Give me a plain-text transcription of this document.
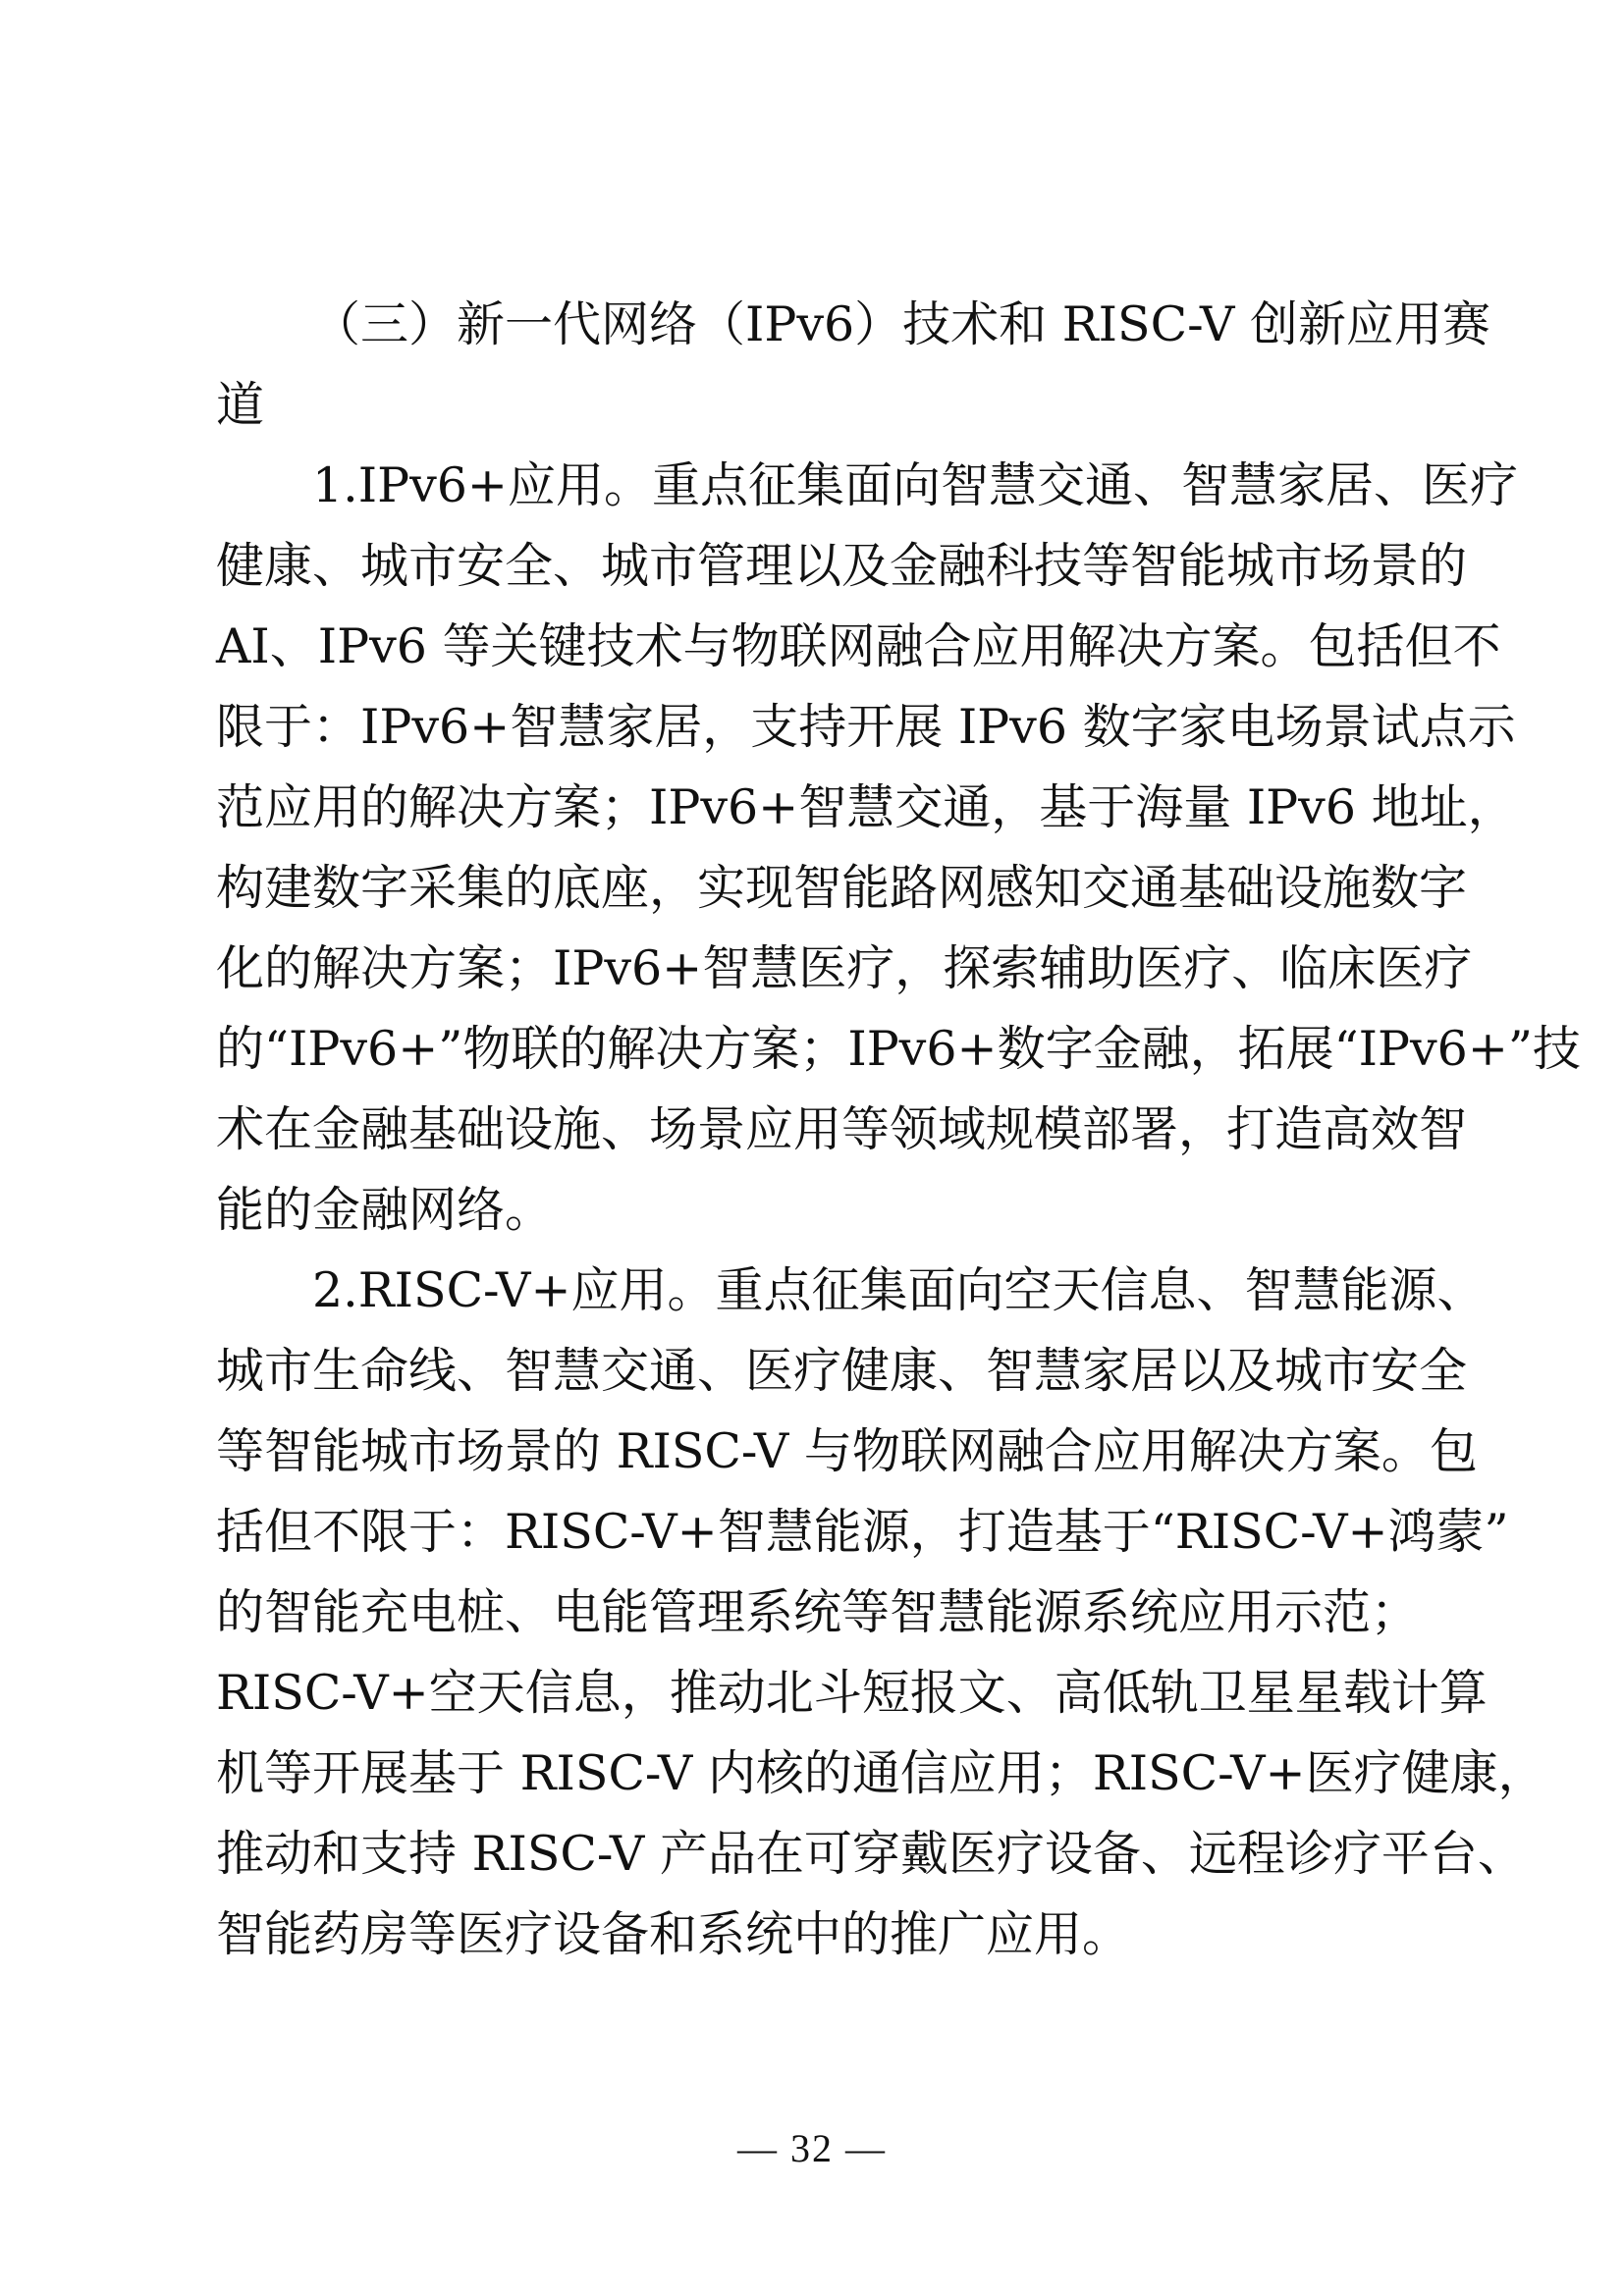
（三）新一代网络（IPv6）技术和 RISC-V 创新应用赛
道
1.IPv6+应用。重点征集面向智慧交通、智慧家居、医疗
健康、城市安全、城市管理以及金融科技等智能城市场景的
AI、IPv6 等关键技术与物联网融合应用解决方案。包括但不
限于：IPv6+智慧家居，支持开展 IPv6 数字家电场景试点示
范应用的解决方案；IPv6+智慧交通，基于海量 IPv6 地址，
构建数字采集的底座，实现智能路网感知交通基础设施数字
化的解决方案；IPv6+智慧医疗，探索辅助医疗、临床医疗
的“IPv6+”物联的解决方案；IPv6+数字金融，拓展“IPv6+”技
术在金融基础设施、场景应用等领域规模部署，打造高效智
能的金融网络。
2.RISC-V+应用。重点征集面向空天信息、智慧能源、
城市生命线、智慧交通、医疗健康、智慧家居以及城市安全
等智能城市场景的 RISC-V 与物联网融合应用解决方案。包
括但不限于：RISC-V+智慧能源，打造基于“RISC-V+鸿蒙”
的智能充电桩、电能管理系统等智慧能源系统应用示范；
RISC-V+空天信息，推动北斗短报文、高低轨卫星星载计算
机等开展基于 RISC-V 内核的通信应用；RISC-V+医疗健康，
推动和支持 RISC-V 产品在可穿戴医疗设备、远程诊疗平台、
智能药房等医疗设备和系统中的推广应用。
— 32 —
